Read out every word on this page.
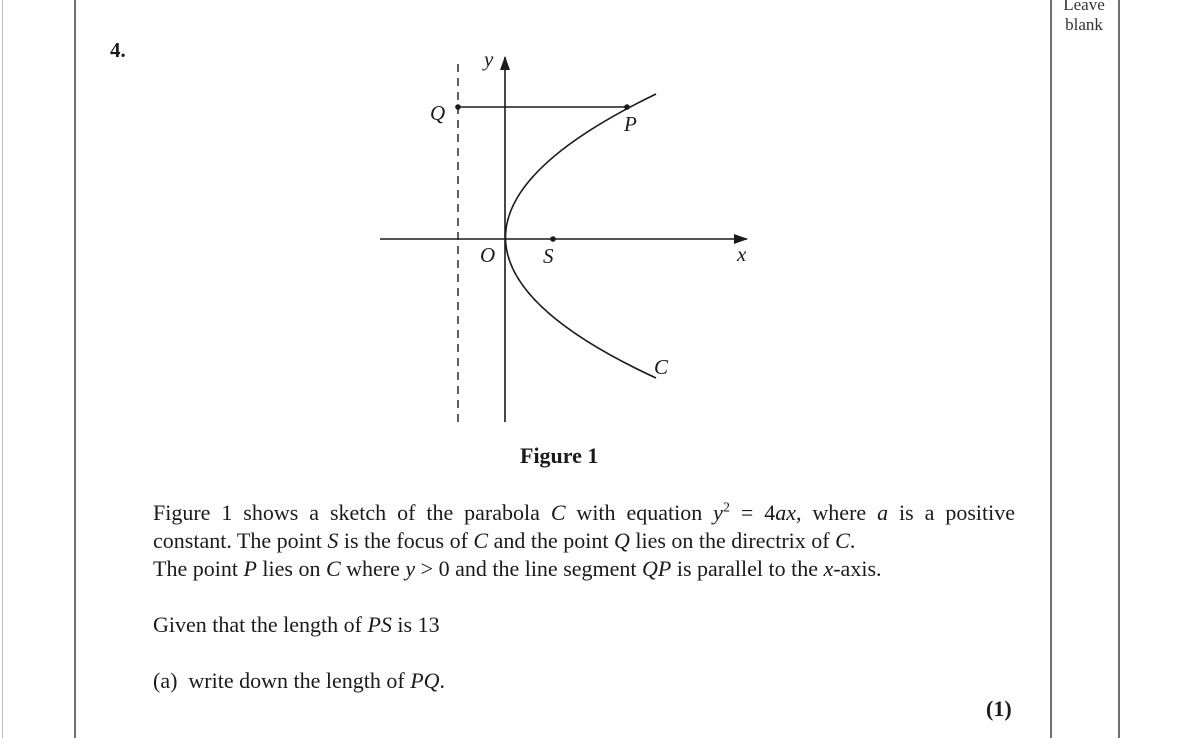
Leave
blank
4.	y
x
O S
Q	P
C
Figure 1
Figure 1 shows a sketch of the parabola C with equation $y^2 = 4ax$, where a is a positive
constant. The point S is the focus of C and the point Q lies on the directrix of C.
The point P lies on C where y > 0 and the line segment QP is parallel to the x-axis.
Given that the length of PS is 13
(a) write down the length of PQ.
(1)
